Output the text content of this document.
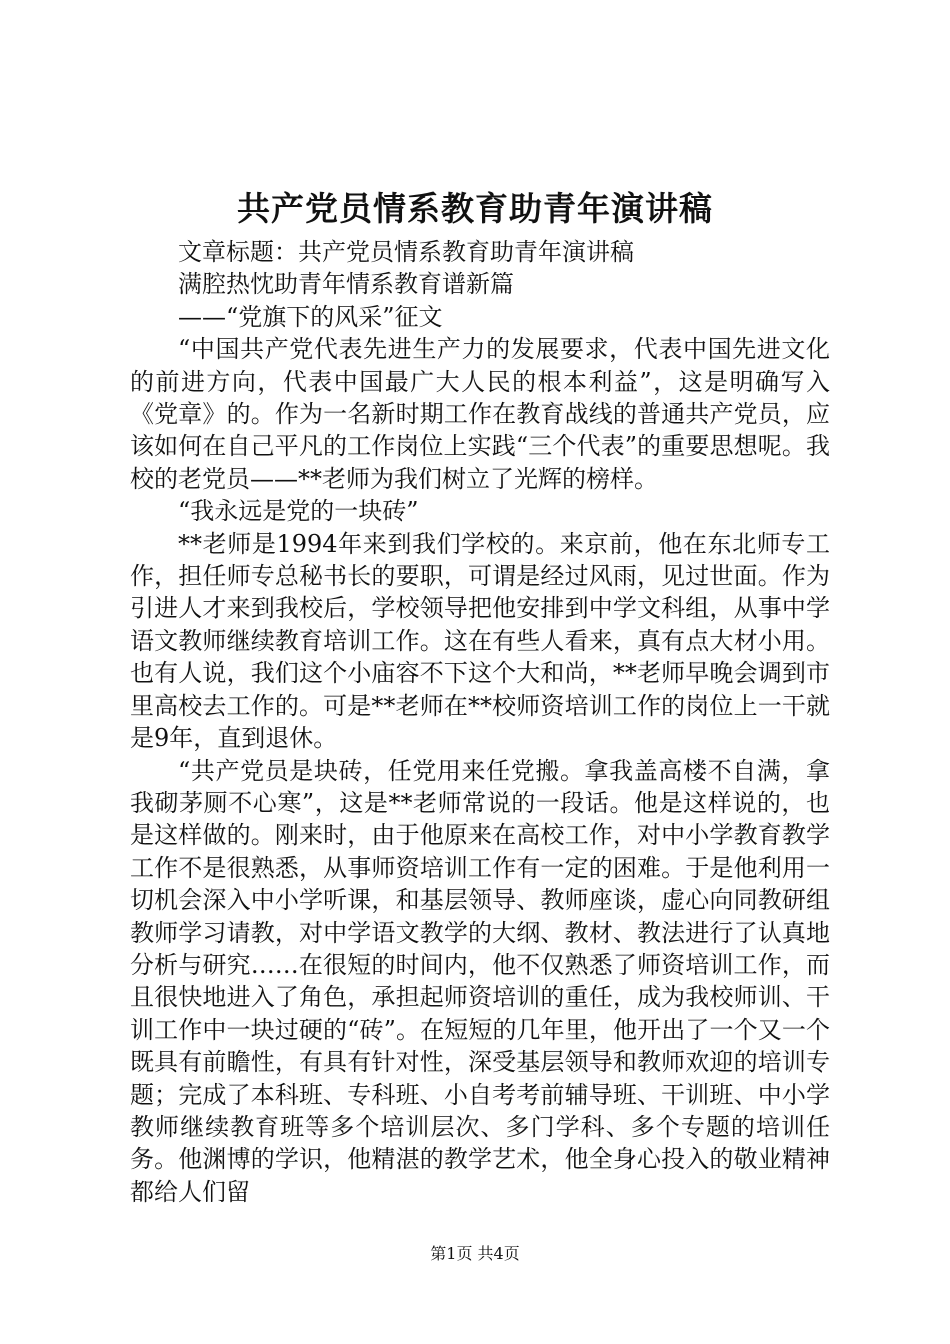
共产党员情系教育助青年演讲稿

文章标题：共产党员情系教育助青年演讲稿

满腔热忱助青年情系教育谱新篇

——“党旗下的风采”征文

“中国共产党代表先进生产力的发展要求，代表中国先进文化的前进方向，代表中国最广大人民的根本利益”，这是明确写入《党章》的。作为一名新时期工作在教育战线的普通共产党员，应该如何在自己平凡的工作岗位上实践“三个代表”的重要思想呢。我校的老党员——**老师为我们树立了光辉的榜样。

“我永远是党的一块砖”

**老师是1994年来到我们学校的。来京前，他在东北师专工作，担任师专总秘书长的要职，可谓是经过风雨，见过世面。作为引进人才来到我校后，学校领导把他安排到中学文科组，从事中学语文教师继续教育培训工作。这在有些人看来，真有点大材小用。也有人说，我们这个小庙容不下这个大和尚，**老师早晚会调到市里高校去工作的。可是**老师在**校师资培训工作的岗位上一干就是9年，直到退休。

“共产党员是块砖，任党用来任党搬。拿我盖高楼不自满，拿我砌茅厕不心寒”，这是**老师常说的一段话。他是这样说的，也是这样做的。刚来时，由于他原来在高校工作，对中小学教育教学工作不是很熟悉，从事师资培训工作有一定的困难。于是他利用一切机会深入中小学听课，和基层领导、教师座谈，虚心向同教研组教师学习请教，对中学语文教学的大纲、教材、教法进行了认真地分析与研究……在很短的时间内，他不仅熟悉了师资培训工作，而且很快地进入了角色，承担起师资培训的重任，成为我校师训、干训工作中一块过硬的“砖”。在短短的几年里，他开出了一个又一个既具有前瞻性，有具有针对性，深受基层领导和教师欢迎的培训专题；完成了本科班、专科班、小自考考前辅导班、干训班、中小学教师继续教育班等多个培训层次、多门学科、多个专题的培训任务。他渊博的学识，他精湛的教学艺术，他全身心投入的敬业精神都给人们留

第1页 共4页
